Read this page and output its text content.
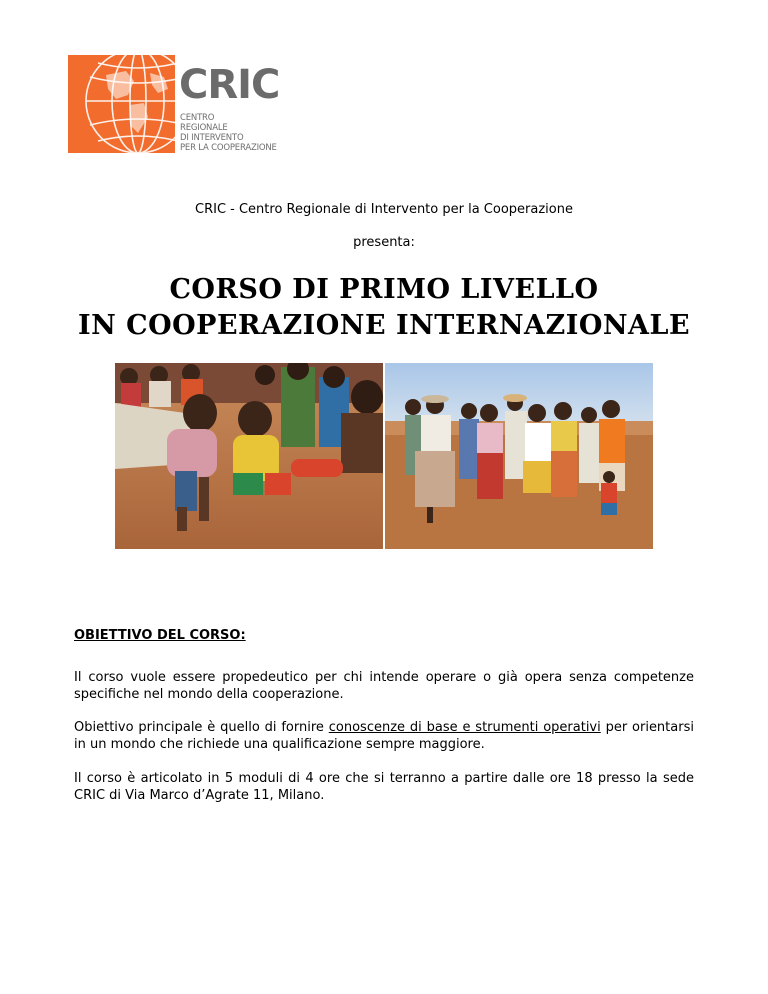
CRIC
CENTRO
REGIONALE
DI INTERVENTO
PER LA COOPERAZIONE
CRIC - Centro Regionale di Intervento per la Cooperazione
presenta:
CORSO DI PRIMO LIVELLO
IN COOPERAZIONE INTERNAZIONALE
OBIETTIVO DEL CORSO:
Il corso vuole essere propedeutico per chi intende operare o già opera senza competenze specifiche nel mondo della cooperazione.
Obiettivo principale è quello di fornire conoscenze di base e strumenti operativi per orientarsi in un mondo che richiede una qualificazione sempre maggiore.
Il corso è articolato in 5 moduli di 4 ore che si terranno a partire dalle ore 18 presso la sede CRIC di Via Marco d’Agrate 11, Milano.
